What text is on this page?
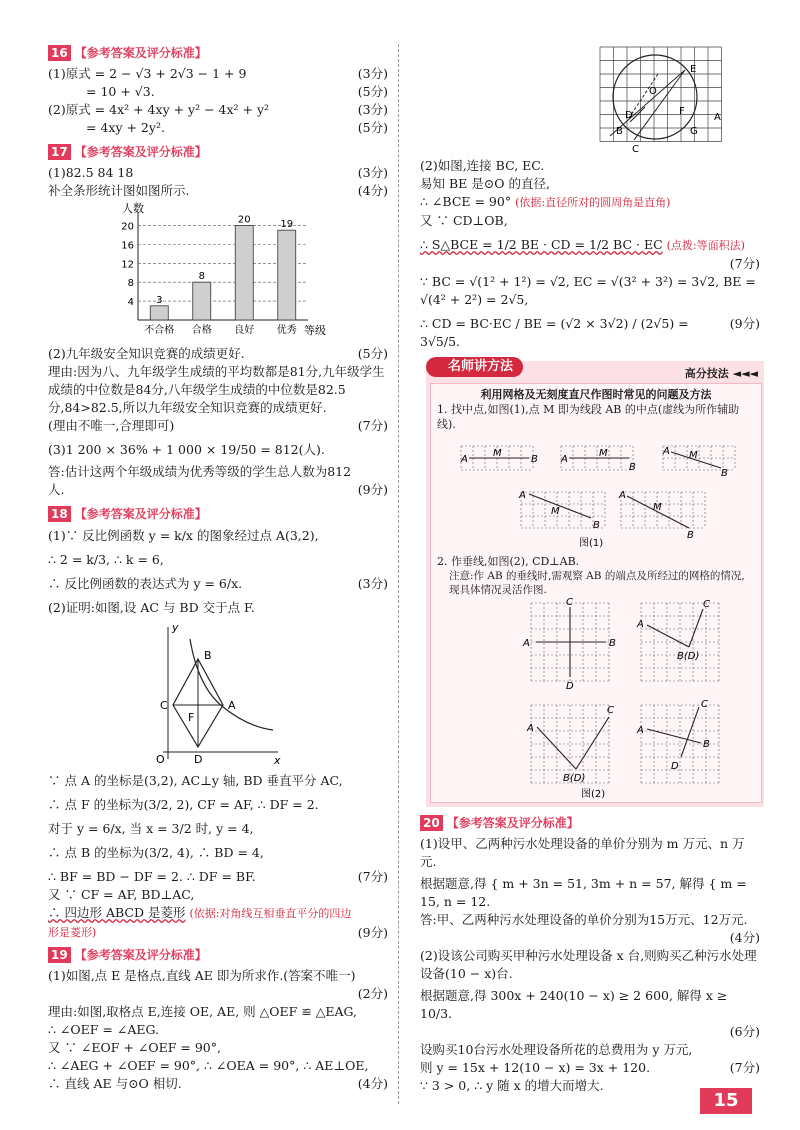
16 【参考答案及评分标准】
(1)原式 = 2 − √3 + 2√3 − 1 + 9	(3分)
= 10 + √3.	(5分)
(2)原式 = 4x² + 4xy + y² − 4x² + y²	(3分)
= 4xy + 2y².	(5分)
17 【参考答案及评分标准】
(1)82.5 84 18	(3分)
补全条形统计图如图所示.	(4分)
人数
等级
4
8
12
16
20
3
不合格
8
合格
20
良好
19
优秀
(2)九年级安全知识竞赛的成绩更好.	(5分)

理由:因为八、九年级学生成绩的平均数都是81分,九年级学生成绩的中位数是84分,八年级学生成绩的中位数是82.5分,84>82.5,所以九年级安全知识竞赛的成绩更好.

(理由不唯一,合理即可)	(7分)
(3)1 200 × 36% + 1 000 × 19/50 = 812(人).
答:估计这两个年级成绩为优秀等级的学生总人数为812人.	(9分)
18 【参考答案及评分标准】
(1)∵ 反比例函数 y = k/x 的图象经过点 A(3,2),
∴ 2 = k/3, ∴ k = 6,
∴ 反比例函数的表达式为 y = 6/x.	(3分)
(2)证明:如图,设 AC 与 BD 交于点 F.
y
x
O
B
A
C
F
D
∵ 点 A 的坐标是(3,2), AC⊥y 轴, BD 垂直平分 AC,
∴ 点 F 的坐标为(3/2, 2), CF = AF, ∴ DF = 2.
对于 y = 6/x, 当 x = 3/2 时, y = 4,
∴ 点 B 的坐标为(3/2, 4), ∴ BD = 4,
∴ BF = BD − DF = 2. ∴ DF = BF.	(7分)
又 ∵ CF = AF, BD⊥AC,
∴ 四边形 ABCD 是菱形 (依据:对角线互相垂直平分的四边形是菱形)	(9分)
19 【参考答案及评分标准】
(1)如图,点 E 是格点,直线 AE 即为所求作.(答案不唯一)
(2分)
理由:如图,取格点 E,连接 OE, AE, 则 △OEF ≌ △EAG,
∴ ∠OEF = ∠AEG.
又 ∵ ∠EOF + ∠OEF = 90°,
∴ ∠AEG + ∠OEF = 90°, ∴ ∠OEA = 90°, ∴ AE⊥OE,
∴ 直线 AE 与⊙O 相切.	(4分)
E
O
D	F
A
B	G
C
(2)如图,连接 BC, EC.
易知 BE 是⊙O 的直径,
∴ ∠BCE = 90° (依据:直径所对的圆周角是直角)
又 ∵ CD⊥OB,
∴ S△BCE = 1/2 BE · CD = 1/2 BC · EC (点拨:等面积法)
(7分)

∵ BC = √(1² + 1²) = √2, EC = √(3² + 3²) = 3√2, BE = √(4² + 2²) = 2√5,

∴ CD = BC·EC / BE = (√2 × 3√2) / (2√5) = 3√5/5.
(9分)
名师讲方法	高分技法 ◄◄◄
利用网格及无刻度直尺作图时常见的问题及方法
1. 找中点,如图(1),点 M 即为线段 AB 的中点(虚线为所作辅助线).
A	B
M
A
B
M	A
B
M
A
B
M
A
B
M
图(1)
2. 作垂线,如图(2), CD⊥AB.
注意:作 AB 的垂线时,需观察 AB 的端点及所经过的网格的情况,现具体情况灵活作图.
A	B
C
D
A
C
B(D)
A
C
B(D)
A
C
B
D
图(2)
20 【参考答案及评分标准】

(1)设甲、乙两种污水处理设备的单价分别为 m 万元、n 万元.

根据题意,得 { m + 3n = 51, 3m + n = 57, 解得 { m = 15, n = 12.

答:甲、乙两种污水处理设备的单价分别为15万元、12万元.

(4分)

(2)设该公司购买甲种污水处理设备 x 台,则购买乙种污水处理设备(10 − x)台.

根据题意,得 300x + 240(10 − x) ≥ 2 600, 解得 x ≥ 10/3.
(6分)
设购买10台污水处理设备所花的总费用为 y 万元,
则 y = 15x + 12(10 − x) = 3x + 120.	(7分)
∵ 3 > 0, ∴ y 随 x 的增大而增大.
15
